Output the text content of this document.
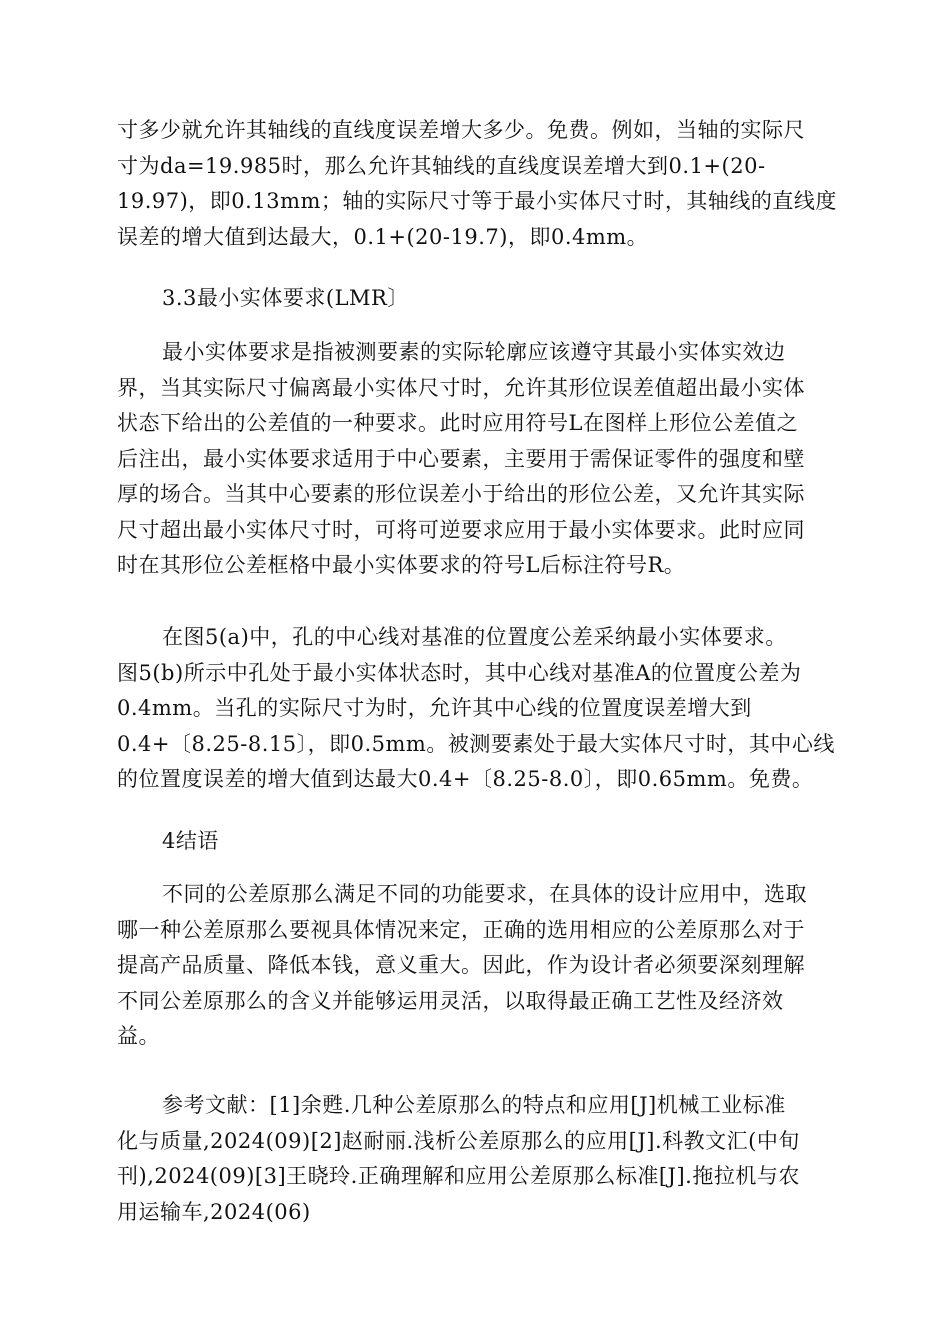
寸多少就允许其轴线的直线度误差增大多少。免费。例如，当轴的实际尺
寸为da=19.985时，那么允许其轴线的直线度误差增大到0.1+(20-
19.97)，即0.13mm；轴的实际尺寸等于最小实体尺寸时，其轴线的直线度
误差的增大值到达最大，0.1+(20-19.7)，即0.4mm。
3.3最小实体要求(LMR〕
最小实体要求是指被测要素的实际轮廓应该遵守其最小实体实效边
界，当其实际尺寸偏离最小实体尺寸时，允许其形位误差值超出最小实体
状态下给出的公差值的一种要求。此时应用符号L在图样上形位公差值之
后注出，最小实体要求适用于中心要素，主要用于需保证零件的强度和壁
厚的场合。当其中心要素的形位误差小于给出的形位公差，又允许其实际
尺寸超出最小实体尺寸时，可将可逆要求应用于最小实体要求。此时应同
时在其形位公差框格中最小实体要求的符号L后标注符号R。
在图5(a)中，孔的中心线对基准的位置度公差采纳最小实体要求。
图5(b)所示中孔处于最小实体状态时，其中心线对基准A的位置度公差为
0.4mm。当孔的实际尺寸为时，允许其中心线的位置度误差增大到
0.4+〔8.25-8.15〕，即0.5mm。被测要素处于最大实体尺寸时，其中心线
的位置度误差的增大值到达最大0.4+〔8.25-8.0〕，即0.65mm。免费。
4结语
不同的公差原那么满足不同的功能要求，在具体的设计应用中，选取
哪一种公差原那么要视具体情况来定，正确的选用相应的公差原那么对于
提高产品质量、降低本钱，意义重大。因此，作为设计者必须要深刻理解
不同公差原那么的含义并能够运用灵活，以取得最正确工艺性及经济效
益。
参考文献：[1]余甦.几种公差原那么的特点和应用[J]机械工业标准
化与质量,2024(09)[2]赵耐丽.浅析公差原那么的应用[J].科教文汇(中旬
刊),2024(09)[3]王晓玲.正确理解和应用公差原那么标准[J].拖拉机与农
用运输车,2024(06)
